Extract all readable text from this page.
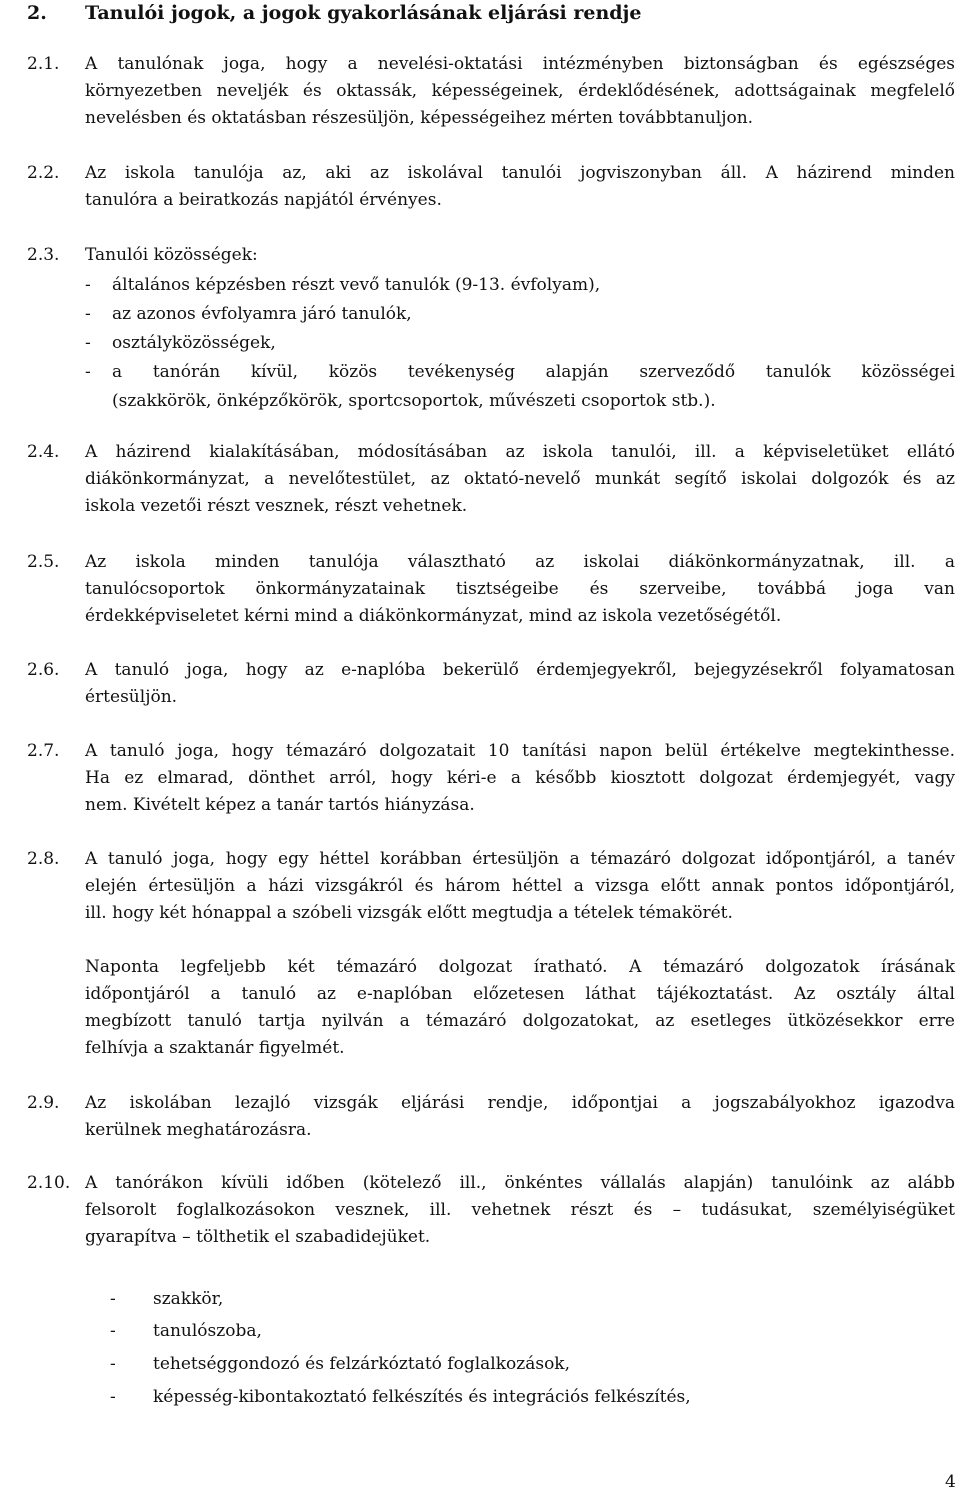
2. Tanulói jogok, a jogok gyakorlásának eljárási rendje
2.1. A tanulónak joga, hogy a nevelési-oktatási intézményben biztonságban és egészséges
környezetben neveljék és oktassák, képességeinek, érdeklődésének, adottságainak megfelelő
nevelésben és oktatásban részesüljön, képességeihez mérten továbbtanuljon.
2.2. Az iskola tanulója az, aki az iskolával tanulói jogviszonyban áll. A házirend minden
tanulóra a beiratkozás napjától érvényes.
2.3. Tanulói közösségek:
- általános képzésben részt vevő tanulók (9-13. évfolyam),
- az azonos évfolyamra járó tanulók,
- osztályközösségek,
- a tanórán kívül, közös tevékenység alapján szerveződő tanulók közösségei
(szakkörök, önképzőkörök, sportcsoportok, művészeti csoportok stb.).
2.4. A házirend kialakításában, módosításában az iskola tanulói, ill. a képviseletüket ellátó
diákönkormányzat, a nevelőtestület, az oktató-nevelő munkát segítő iskolai dolgozók és az
iskola vezetői részt vesznek, részt vehetnek.
2.5. Az iskola minden tanulója választható az iskolai diákönkormányzatnak, ill. a
tanulócsoportok önkormányzatainak tisztségeibe és szerveibe, továbbá joga van
érdekképviseletet kérni mind a diákönkormányzat, mind az iskola vezetőségétől.
2.6. A tanuló joga, hogy az e-naplóba bekerülő érdemjegyekről, bejegyzésekről folyamatosan
értesüljön.
2.7. A tanuló joga, hogy témazáró dolgozatait 10 tanítási napon belül értékelve megtekinthesse.
Ha ez elmarad, dönthet arról, hogy kéri-e a később kiosztott dolgozat érdemjegyét, vagy
nem. Kivételt képez a tanár tartós hiányzása.
2.8. A tanuló joga, hogy egy héttel korábban értesüljön a témazáró dolgozat időpontjáról, a tanév
elején értesüljön a házi vizsgákról és három héttel a vizsga előtt annak pontos időpontjáról,
ill. hogy két hónappal a szóbeli vizsgák előtt megtudja a tételek témakörét.
Naponta legfeljebb két témazáró dolgozat íratható. A témazáró dolgozatok írásának
időpontjáról a tanuló az e-naplóban előzetesen láthat tájékoztatást. Az osztály által
megbízott tanuló tartja nyilván a témazáró dolgozatokat, az esetleges ütközésekkor erre
felhívja a szaktanár figyelmét.
2.9. Az iskolában lezajló vizsgák eljárási rendje, időpontjai a jogszabályokhoz igazodva
kerülnek meghatározásra.
2.10. A tanórákon kívüli időben (kötelező ill., önkéntes vállalás alapján) tanulóink az alább
felsorolt foglalkozásokon vesznek, ill. vehetnek részt és – tudásukat, személyiségüket
gyarapítva – tölthetik el szabadidejüket.
- szakkör,
- tanulószoba,
- tehetséggondozó és felzárkóztató foglalkozások,
- képesség-kibontakoztató felkészítés és integrációs felkészítés,
4
